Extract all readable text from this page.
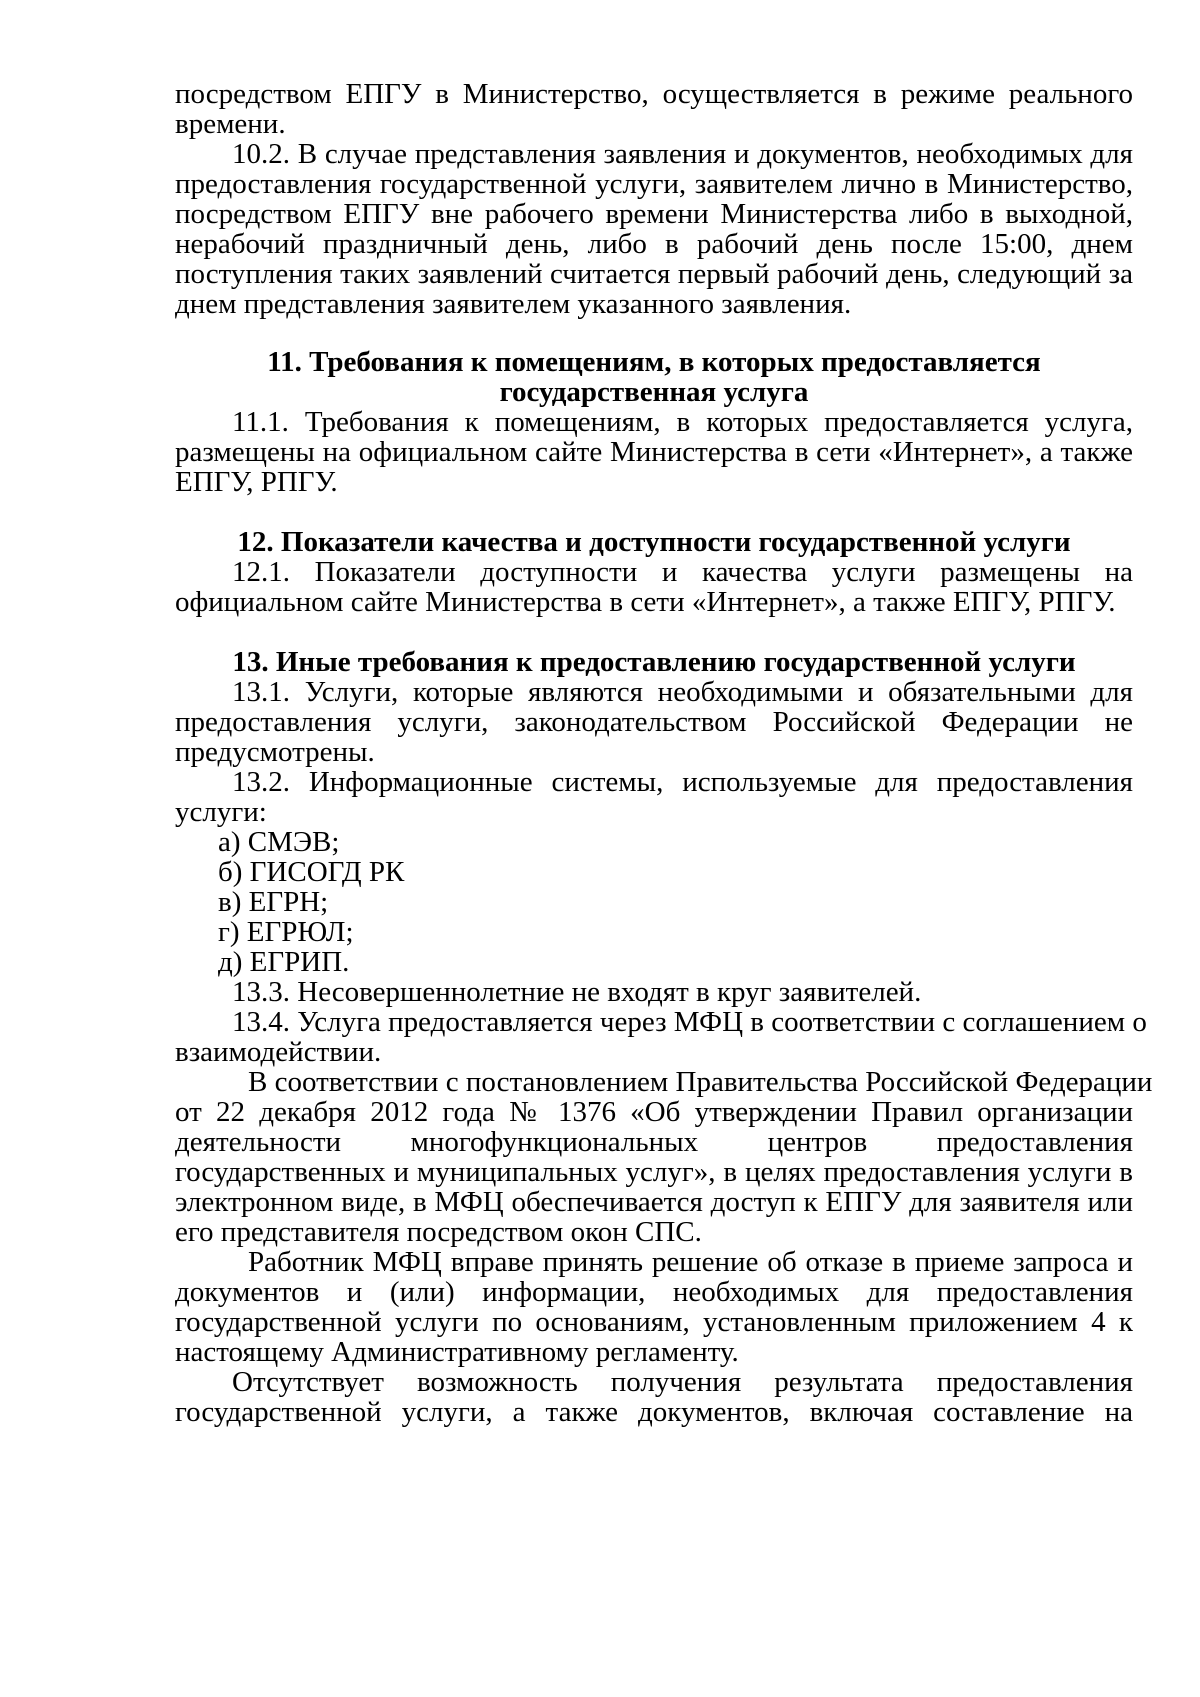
посредством ЕПГУ в Министерство, осуществляется в режиме реального
времени.
10.2. В случае представления заявления и документов, необходимых для
предоставления государственной услуги, заявителем лично в Министерство,
посредством ЕПГУ вне рабочего времени Министерства либо в выходной,
нерабочий праздничный день, либо в рабочий день после 15:00, днем
поступления таких заявлений считается первый рабочий день, следующий за
днем представления заявителем указанного заявления.
11. Требования к помещениям, в которых предоставляется
государственная услуга
11.1. Требования к помещениям, в которых предоставляется услуга,
размещены на официальном сайте Министерства в сети «Интернет», а также
ЕПГУ, РПГУ.
12. Показатели качества и доступности государственной услуги
12.1. Показатели доступности и качества услуги размещены на
официальном сайте Министерства в сети «Интернет», а также ЕПГУ, РПГУ.
13. Иные требования к предоставлению государственной услуги
13.1. Услуги, которые являются необходимыми и обязательными для
предоставления услуги, законодательством Российской Федерации не
предусмотрены.
13.2. Информационные системы, используемые для предоставления
услуги:
а) СМЭВ;
б) ГИСОГД РК
в) ЕГРН;
г) ЕГРЮЛ;
д) ЕГРИП.
13.3. Несовершеннолетние не входят в круг заявителей.
13.4. Услуга предоставляется через МФЦ в соответствии с соглашением о
взаимодействии.
В соответствии с постановлением Правительства Российской Федерации
от 22 декабря 2012 года № 1376 «Об утверждении Правил организации
деятельности многофункциональных центров предоставления
государственных и муниципальных услуг», в целях предоставления услуги в
электронном виде, в МФЦ обеспечивается доступ к ЕПГУ для заявителя или
его представителя посредством окон СПС.
Работник МФЦ вправе принять решение об отказе в приеме запроса и
документов и (или) информации, необходимых для предоставления
государственной услуги по основаниям, установленным приложением 4 к
настоящему Административному регламенту.
Отсутствует возможность получения результата предоставления
государственной услуги, а также документов, включая составление на
